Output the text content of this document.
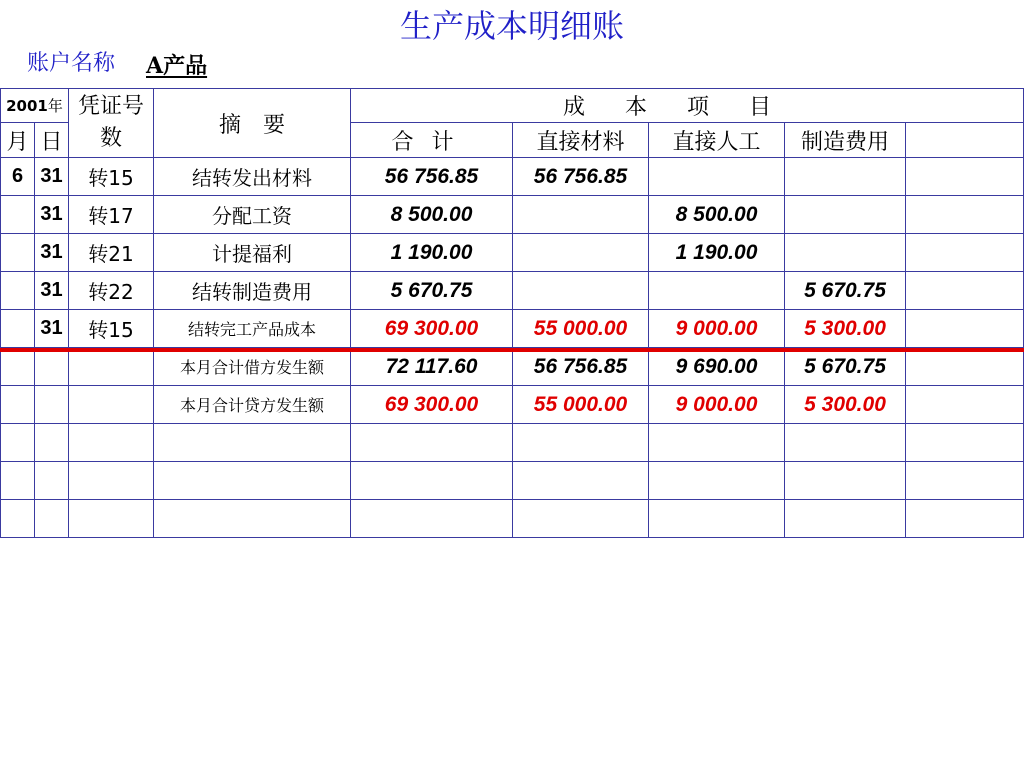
生产成本明细账
账户名称 A产品
2001年		凭证号数	摘　要	成本项目				
月	日			合计	直接材料	直接人工	制造费用	
6	31	转15	结转发出材料	56 756.85	56 756.85			
	31	转17	分配工资	8 500.00		8 500.00		
	31	转21	计提福利	1 190.00		1 190.00		
	31	转22	结转制造费用	5 670.75			5 670.75	
	31	转15	结转完工产品成本	69 300.00	55 000.00	9 000.00	5 300.00	
			本月合计借方发生额	72 117.60	56 756.85	9 690.00	5 670.75	
			本月合计贷方发生额	69 300.00	55 000.00	9 000.00	5 300.00	
